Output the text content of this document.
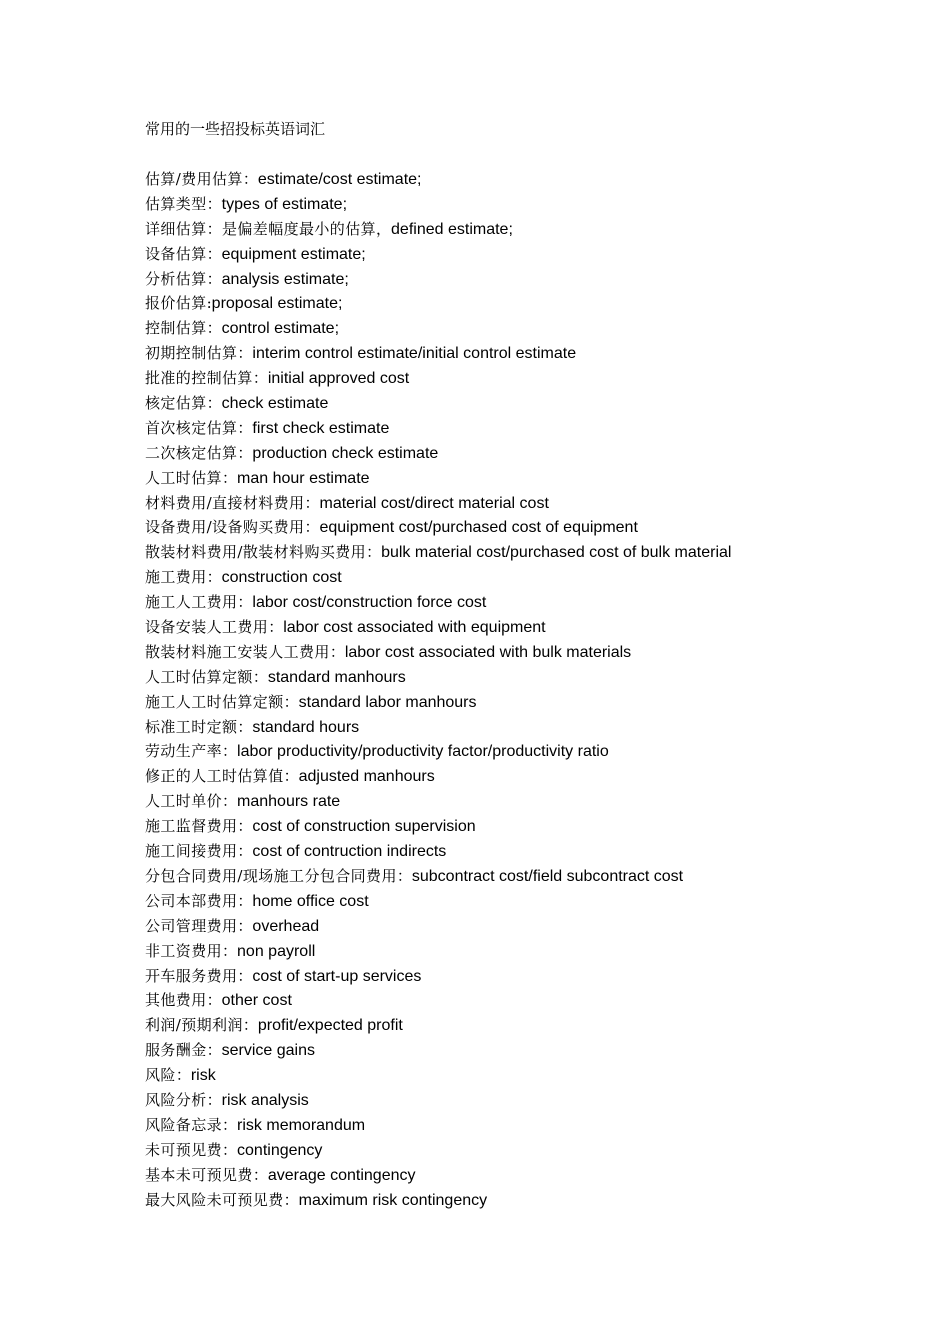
常用的一些招投标英语词汇
估算/费用估算：estimate/cost estimate;
估算类型：types of estimate;
详细估算：是偏差幅度最小的估算，defined estimate;
设备估算：equipment estimate;
分析估算：analysis estimate;
报价估算:proposal estimate;
控制估算：control estimate;
初期控制估算：interim control estimate/initial control estimate
批准的控制估算：initial approved cost
核定估算：check estimate
首次核定估算：first check estimate
二次核定估算：production check estimate
人工时估算：man hour estimate
材料费用/直接材料费用：material cost/direct material cost
设备费用/设备购买费用：equipment cost/purchased cost of equipment
散装材料费用/散装材料购买费用：bulk material cost/purchased cost of bulk material
施工费用：construction cost
施工人工费用：labor cost/construction force cost
设备安装人工费用：labor cost associated with equipment
散装材料施工安装人工费用：labor cost associated with bulk materials
人工时估算定额：standard manhours
施工人工时估算定额：standard labor manhours
标准工时定额：standard hours
劳动生产率：labor productivity/productivity factor/productivity ratio
修正的人工时估算值：adjusted manhours
人工时单价：manhours rate
施工监督费用：cost of construction supervision
施工间接费用：cost of contruction indirects
分包合同费用/现场施工分包合同费用：subcontract cost/field subcontract cost
公司本部费用：home office cost
公司管理费用：overhead
非工资费用：non payroll
开车服务费用：cost of start-up services
其他费用：other cost
利润/预期利润：profit/expected profit
服务酬金：service gains
风险：risk
风险分析：risk analysis
风险备忘录：risk memorandum
未可预见费：contingency
基本未可预见费：average contingency
最大风险未可预见费：maximum risk contingency
